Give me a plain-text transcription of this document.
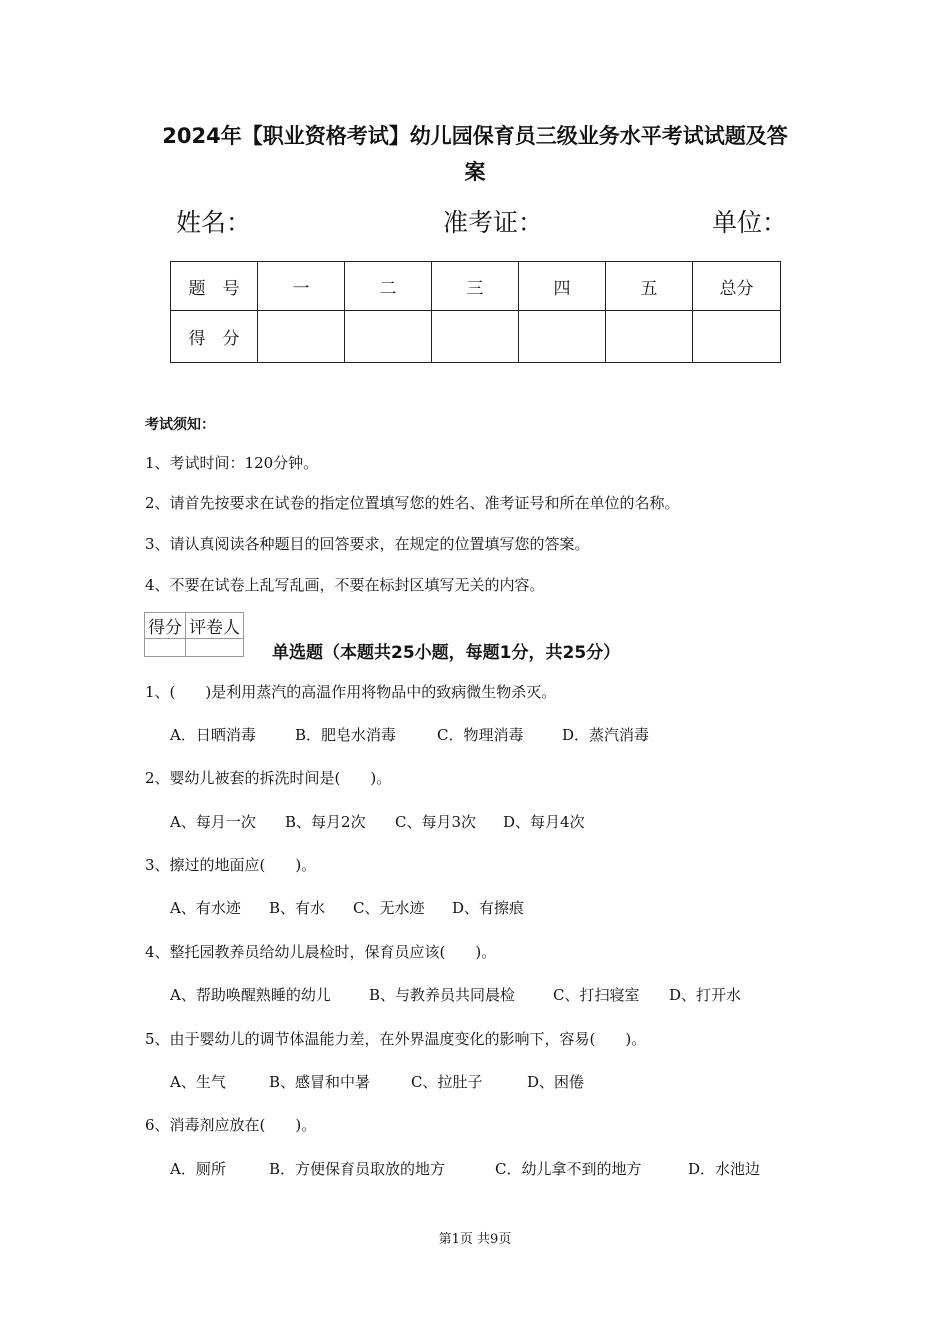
2024年【职业资格考试】幼儿园保育员三级业务水平考试试题及答
案
姓名：	准考证：	单位：
题　号	一	二	三	四	五	总分
得　分						
考试须知：
1、考试时间：120分钟。
2、请首先按要求在试卷的指定位置填写您的姓名、准考证号和所在单位的名称。
3、请认真阅读各种题目的回答要求，在规定的位置填写您的答案。
4、不要在试卷上乱写乱画，不要在标封区填写无关的内容。
得分	评卷人

单选题（本题共25小题，每题1分，共25分）
1、(　　)是利用蒸汽的高温作用将物品中的致病微生物杀灭。
A．日晒消毒	B．肥皂水消毒	C．物理消毒	D．蒸汽消毒
2、婴幼儿被套的拆洗时间是(　　)。
A、每月一次 B、每月2次 C、每月3次 D、每月4次
3、擦过的地面应(　　)。
A、有水迹 B、有水 C、无水迹 D、有擦痕
4、整托园教养员给幼儿晨检时，保育员应该(　　)。
A、帮助唤醒熟睡的幼儿	B、与教养员共同晨检	C、打扫寝室 D、打开水
5、由于婴幼儿的调节体温能力差，在外界温度变化的影响下，容易(　　)。
A、生气	B、感冒和中暑	C、拉肚子	D、困倦
6、消毒剂应放在(　　)。
A．厕所	B．方便保育员取放的地方	C．幼儿拿不到的地方	D．水池边
第1页 共9页
